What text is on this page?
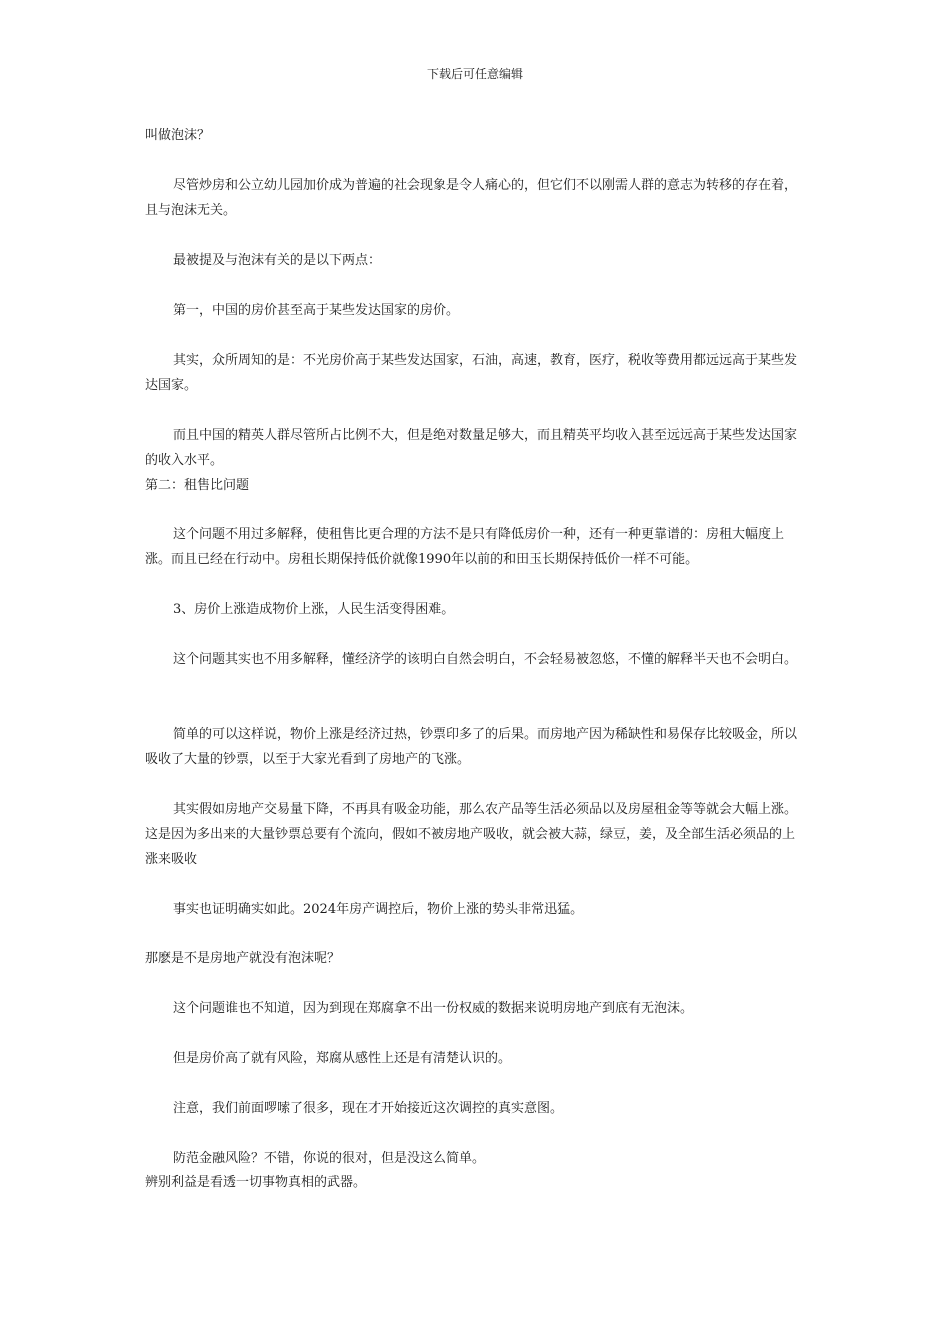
下载后可任意编辑

叫做泡沫？

尽管炒房和公立幼儿园加价成为普遍的社会现象是令人痛心的，但它们不以刚需人群的意志为转移的存在着，且与泡沫无关。

最被提及与泡沫有关的是以下两点：

第一，中国的房价甚至高于某些发达国家的房价。

其实，众所周知的是：不光房价高于某些发达国家，石油，高速，教育，医疗，税收等费用都远远高于某些发达国家。

而且中国的精英人群尽管所占比例不大，但是绝对数量足够大，而且精英平均收入甚至远远高于某些发达国家的收入水平。

第二：租售比问题

这个问题不用过多解释，使租售比更合理的方法不是只有降低房价一种，还有一种更靠谱的：房租大幅度上涨。而且已经在行动中。房租长期保持低价就像1990年以前的和田玉长期保持低价一样不可能。

3、房价上涨造成物价上涨，人民生活变得困难。

这个问题其实也不用多解释，懂经济学的该明白自然会明白，不会轻易被忽悠，不懂的解释半天也不会明白。

简单的可以这样说，物价上涨是经济过热，钞票印多了的后果。而房地产因为稀缺性和易保存比较吸金，所以吸收了大量的钞票，以至于大家光看到了房地产的飞涨。

其实假如房地产交易量下降，不再具有吸金功能，那么农产品等生活必须品以及房屋租金等等就会大幅上涨。这是因为多出来的大量钞票总要有个流向，假如不被房地产吸收，就会被大蒜，绿豆，姜，及全部生活必须品的上涨来吸收

事实也证明确实如此。2024年房产调控后，物价上涨的势头非常迅猛。

那麽是不是房地产就没有泡沫呢？

这个问题谁也不知道，因为到现在郑腐拿不出一份权威的数据来说明房地产到底有无泡沫。

但是房价高了就有风险，郑腐从感性上还是有清楚认识的。

注意，我们前面啰嗦了很多，现在才开始接近这次调控的真实意图。

防范金融风险？不错，你说的很对，但是没这么简单。

辨别利益是看透一切事物真相的武器。
